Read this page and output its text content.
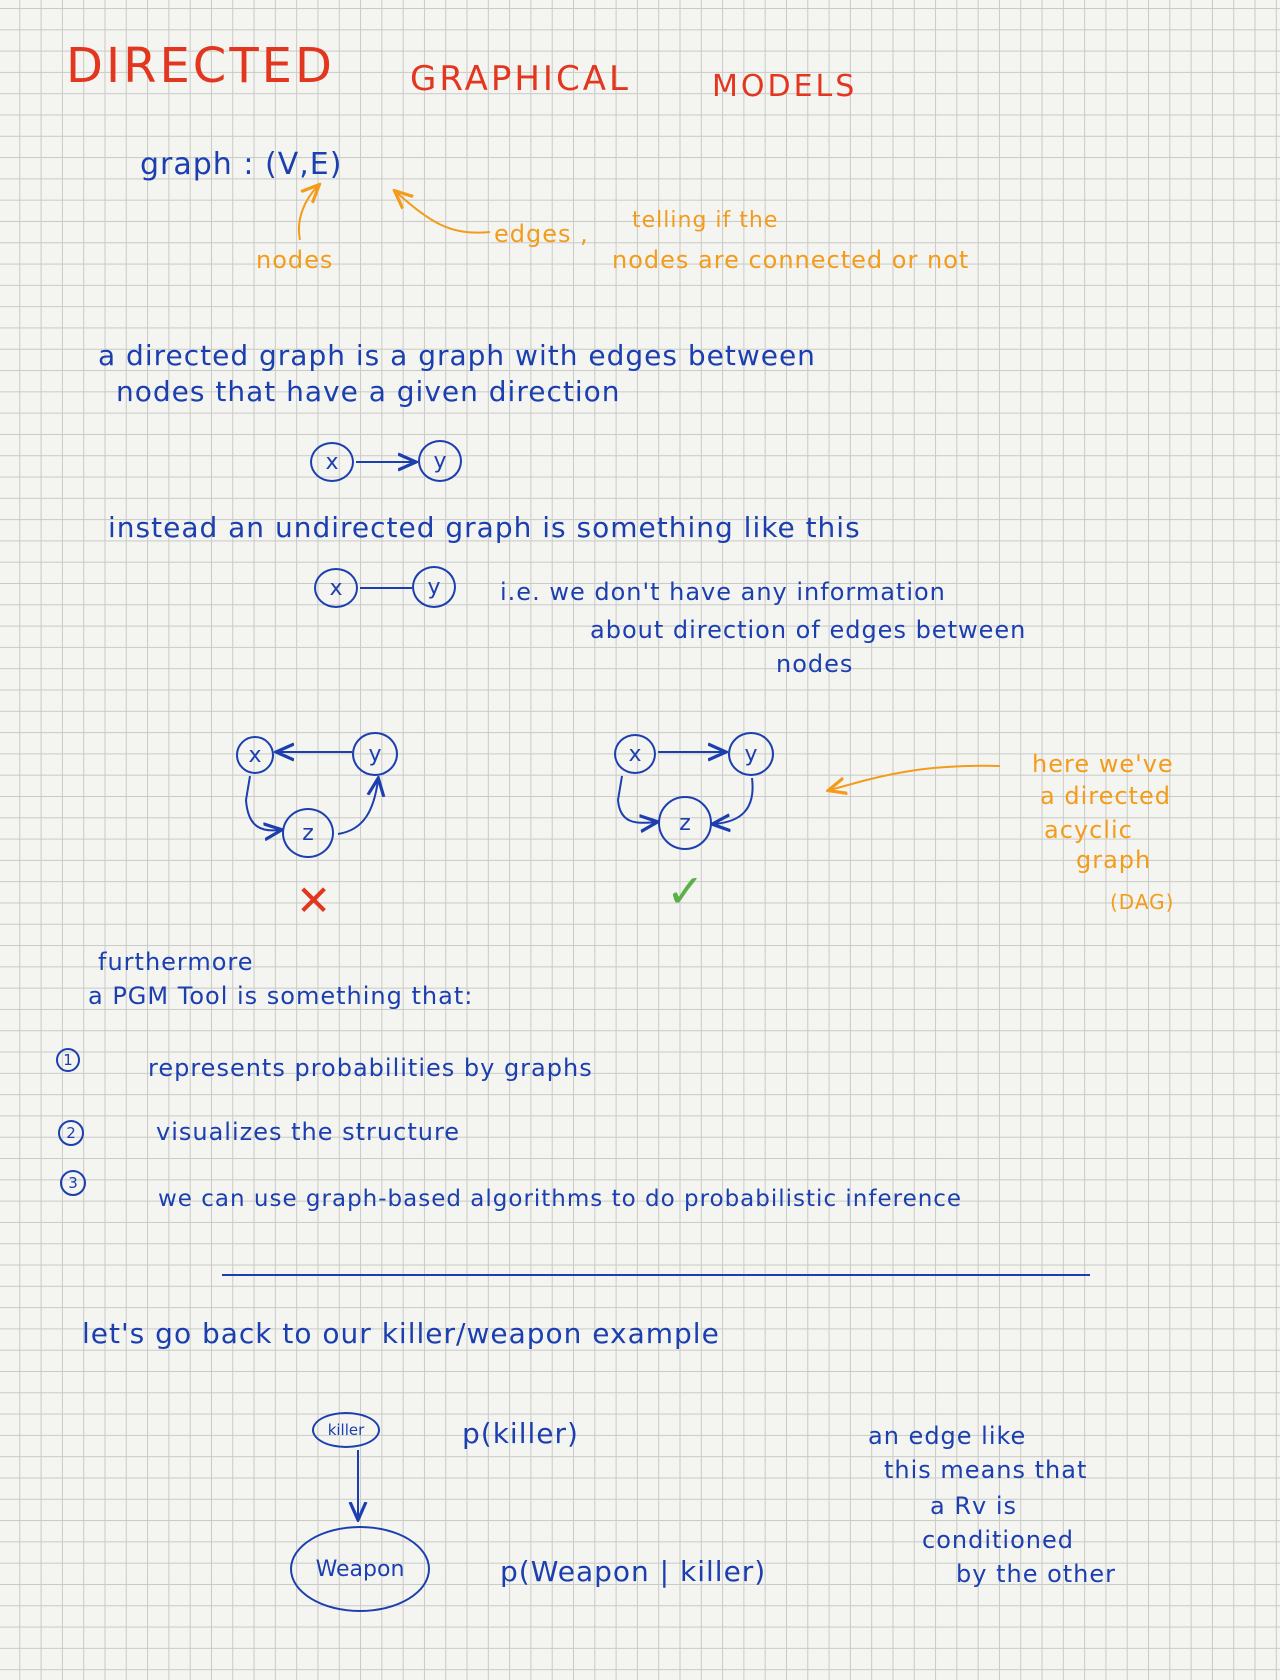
DIRECTED GRAPHICAL	MODELS
graph : (V,E)
nodes
edges , telling if the
nodes are connected or not
a directed graph is a graph with edges between
nodes that have a given direction
x	y
instead an undirected graph is something like this
x	y	i.e. we don't have any information
about direction of edges between
nodes
x	y
z
✕
x	y
z
✓
here we've
a directed
acyclic
graph
(DAG)
furthermore
a PGM Tool is something that:
1	represents probabilities by graphs
2	visualizes the structure
3
we can use graph-based algorithms to do probabilistic inference
let's go back to our killer/weapon example
killer
Weapon
p(killer)
p(Weapon | killer)
an edge like
this means that
a Rv is
conditioned
by the other
